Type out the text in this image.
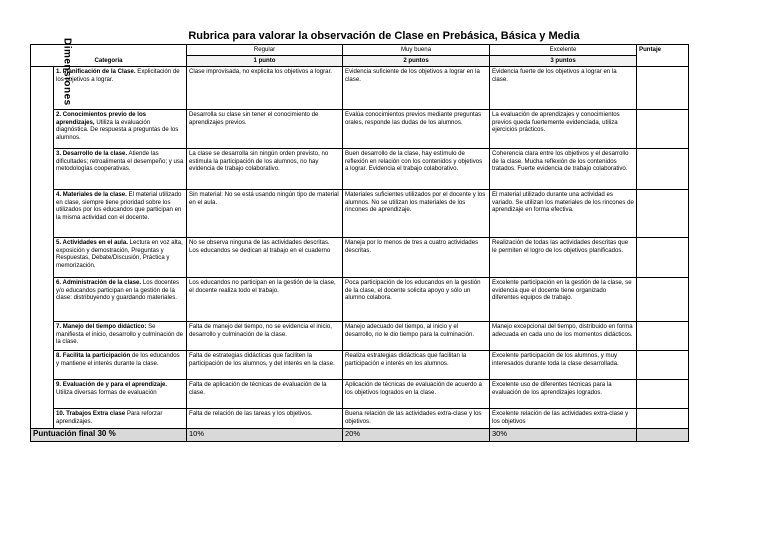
Rubrica para valorar la observación de Clase en Prebásica, Básica y Media
Categoría		Regular	Muy buena	Excelente	Puntaje
		1 punto	2 puntos	3 puntos	
Dimensiones	1. Planificación de la Clase. Explicitación de los objetivos a lograr.	Clase improvisada, no explicita los objetivos a lograr.	Evidencia suficiente de los objetivos a lograr en la clase.	Evidencia fuerte de los objetivos a lograr en la clase.	
	2. Conocimientos previo de los aprendizajes, Utiliza la evaluación diagnóstica. De respuesta a preguntas de los alumnos.	Desarrolla su clase sin tener el conocimiento de aprendizajes previos.	Evalúa conocimientos previos mediante preguntas orales, responde las dudas de los alumnos.	La evaluación de aprendizajes y conocimientos previos queda fuertemente evidenciada, utiliza ejercicios prácticos.	
	3. Desarrollo de la clase. Atiende las dificultades; retroalimenta el desempeño; y usa metodologías cooperativas.	La clase se desarrolla sin ningún orden previsto, no estimula la participación de los alumnos, no hay evidencia de trabajo colaborativo.	Buen desarrollo de la clase, hay estímulo de reflexión en relación con los contenidos y objetivos a lograr. Evidencia el trabajo colaborativo.	Coherencia clara entre los objetivos y el desarrollo de la clase. Mucha reflexión de los contenidos tratados. Fuerte evidencia de trabajo colaborativo.	
	4. Materiales de la clase. El material utilizado en clase, siempre tiene prioridad sobre los utilizados por los educandos que participan en la misma actividad con el docente.	Sin material: No se está usando ningún tipo de material en el aula.	Materiales suficientes utilizados por el docente y los alumnos. No se utilizan los materiales de los rincones de aprendizaje.	El material utilizado durante una actividad es variado. Se utilizan los materiales de los rincones de aprendizaje en forma efectiva.	
	5. Actividades en el aula. Lectura en voz alta, exposición y demostración, Preguntas y Respuestas, Debate/Discusión, Práctica y memorización.	No se observa ninguna de las actividades descritas. Los educandos se dedican al trabajo en el cuaderno	Maneja por lo menos de tres a cuatro actividades descritas.	Realización de todas las actividades descritas que le permiten el logro de los objetivos planificados.	
	6. Administración de la clase. Los docentes y/o educandos participan en la gestión de la clase: distribuyendo y guardando materiales.	Los educandos no participan en la gestión de la clase, el docente realiza todo el trabajo.	Poca participación de los educandos en la gestión de la clase, el docente solicita apoyo y sólo un alumno colabora.	Excelente participación en la gestión de la clase, se evidencia que el docente tiene organizado diferentes equipos de trabajo.	
	7. Manejo del tiempo didáctico: Se manifiesta el inicio, desarrollo y culminación de la clase.	Falta de manejo del tiempo, no se evidencia el inicio, desarrollo y culminación de la clase.	Manejo adecuado del tiempo, al inicio y el desarrollo, no le dio tiempo para la culminación.	Manejo excepcional del tiempo, distribuido en forma adecuada en cada uno de los momentos didácticos.	
	8. Facilita la participación de los educandos y mantiene el interés durante la clase.	Falta de estrategias didácticas que faciliten la participación de los alumnos, y del interés en la clase.	Realiza estrategias didácticas que facilitan la participación e interés en los alumnos.	Excelente participación de los alumnos, y muy interesados durante toda la clase desarrollada.	
	9. Evaluación de y para el aprendizaje. Utiliza diversas formas de evaluación	Falta de aplicación de técnicas de evaluación de la clase.	Aplicación de técnicas de evaluación de acuerdo a los objetivos logrados en la clase.	Excelente uso de diferentes técnicas para la evaluación de los aprendizajes logrados.	
	10. Trabajos Extra clase Para reforzar aprendizajes.	Falta de relación de las tareas y los objetivos.	Buena relación de las actividades extra-clase y los objetivos.	Excelente relación de las actividades extra-clase y los objetivos	
Puntuación final 30 %		10%	20%	30%	
